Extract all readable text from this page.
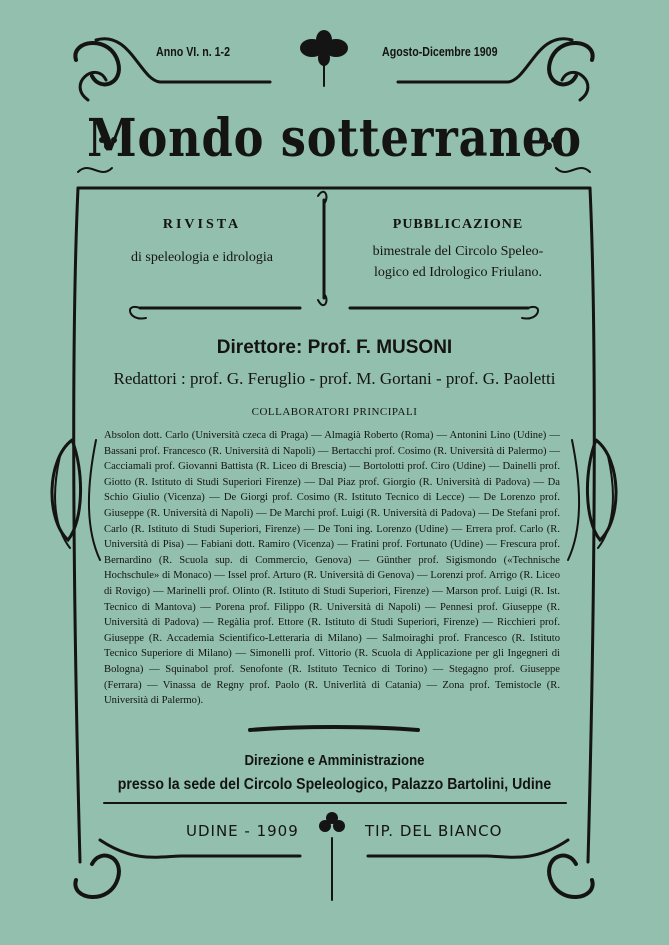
Anno VI. n. 1-2	Agosto-Dicembre 1909
Mondo sotterraneo
RIVISTA
di speleologia e idrologia
PUBBLICAZIONE
bimestrale del Circolo Speleo-
logico ed Idrologico Friulano.
Direttore: Prof. F. MUSONI
Redattori : prof. G. Feruglio - prof. M. Gortani - prof. G. Paoletti
COLLABORATORI PRINCIPALI
Absolon dott. Carlo (Università czeca di Praga) — Almagià Roberto (Roma) — Antonini Lino (Udine) — Bassani prof. Francesco (R. Università di Napoli) — Bertacchi prof. Cosimo (R. Università di Palermo) — Cacciamali prof. Giovanni Battista (R. Liceo di Brescia) — Bortolotti prof. Ciro (Udine) — Dainelli prof. Giotto (R. Istituto di Studi Superiori Firenze) — Dal Piaz prof. Giorgio (R. Università di Padova) — Da Schio Giulio (Vicenza) — De Giorgi prof. Cosimo (R. Istituto Tecnico di Lecce) — De Lorenzo prof. Giuseppe (R. Università di Napoli) — De Marchi prof. Luigi (R. Università di Padova) — De Stefani prof. Carlo (R. Istituto di Studi Superiori, Firenze) — De Toni ing. Lorenzo (Udine) — Errera prof. Carlo (R. Università di Pisa) — Fabiani dott. Ramiro (Vicenza) — Fratini prof. Fortunato (Udine) — Frescura prof. Bernardino (R. Scuola sup. di Commercio, Genova) — Günther prof. Sigismondo («Technische Hochschule» di Monaco) — Issel prof. Arturo (R. Università di Genova) — Lorenzi prof. Arrigo (R. Liceo di Rovigo) — Marinelli prof. Olinto (R. Istituto di Studi Superiori, Firenze) — Marson prof. Luigi (R. Ist. Tecnico di Mantova) — Porena prof. Filippo (R. Università di Napoli) — Pennesi prof. Giuseppe (R. Università di Padova) — Regàlia prof. Ettore (R. Istituto di Studi Superiori, Firenze) — Ricchieri prof. Giuseppe (R. Accademia Scientifico-Letteraria di Milano) — Salmoiraghi prof. Francesco (R. Istituto Tecnico Superiore di Milano) — Simonelli prof. Vittorio (R. Scuola di Applicazione per gli Ingegneri di Bologna) — Squinabol prof. Senofonte (R. Istituto Tecnico di Torino) — Stegagno prof. Giuseppe (Ferrara) — Vinassa de Regny prof. Paolo (R. Univerlità di Catania) — Zona prof. Temistocle (R. Università di Palermo).
Direzione e Amministrazione
presso la sede del Circolo Speleologico, Palazzo Bartolini, Udine
UDINE - 1909	TIP. DEL BIANCO
